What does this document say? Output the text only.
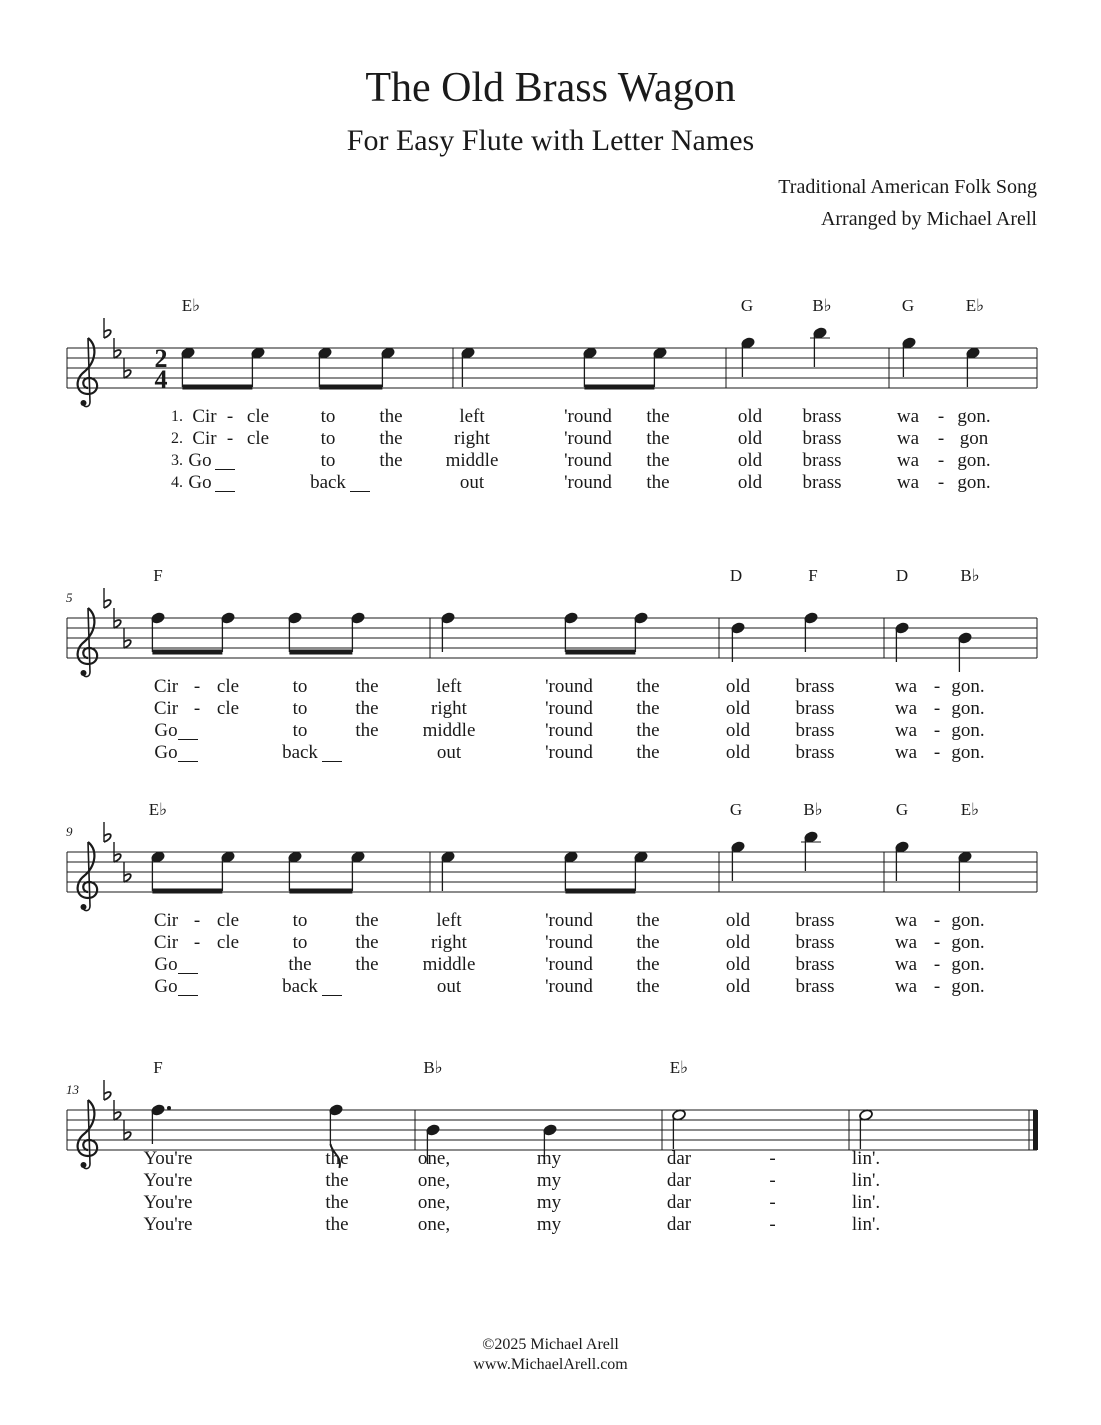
The Old Brass Wagon
For Easy Flute with Letter Names
Traditional American Folk Song
Arranged by Michael Arell
2
4
E♭	G	B♭	G	E♭
1. Cir cle	to the	left	'round the	old brass	wa gon.
-	-
2. Cir cle	to the	right	'round the	old brass	wa gon
-	-
3. Go	to the middle	'round the	old brass	wa gon.
-
4. Go	back	out	'round the	old brass	wa gon.
-
5
F	D	F	D	B♭
Cir cle	to	the	left	'round the	old brass	wa gon.
-	-
Cir cle	to	the	right	'round the	old brass	wa gon.
-	-
Go	to	the middle	'round the	old brass	wa gon.
-
Go	back	out	'round the	old brass	wa gon.
-
9
E♭	G	B♭	G	E♭
Cir cle	to	the	left	'round the	old brass	wa gon.
-	-
Cir cle	to	the	right	'round the	old brass	wa gon.
-	-
Go	the the middle	'round the	old brass	wa gon.
-
Go	back	out	'round the	old brass	wa gon.
-
13
F	B♭	E♭
You're	the	one,	my	dar	lin'.
-
You're	the	one,	my	dar	lin'.
-
You're	the	one,	my	dar	lin'.
-
You're	the	one,	my	dar	lin'.
-
©2025 Michael Arell
www.MichaelArell.com
